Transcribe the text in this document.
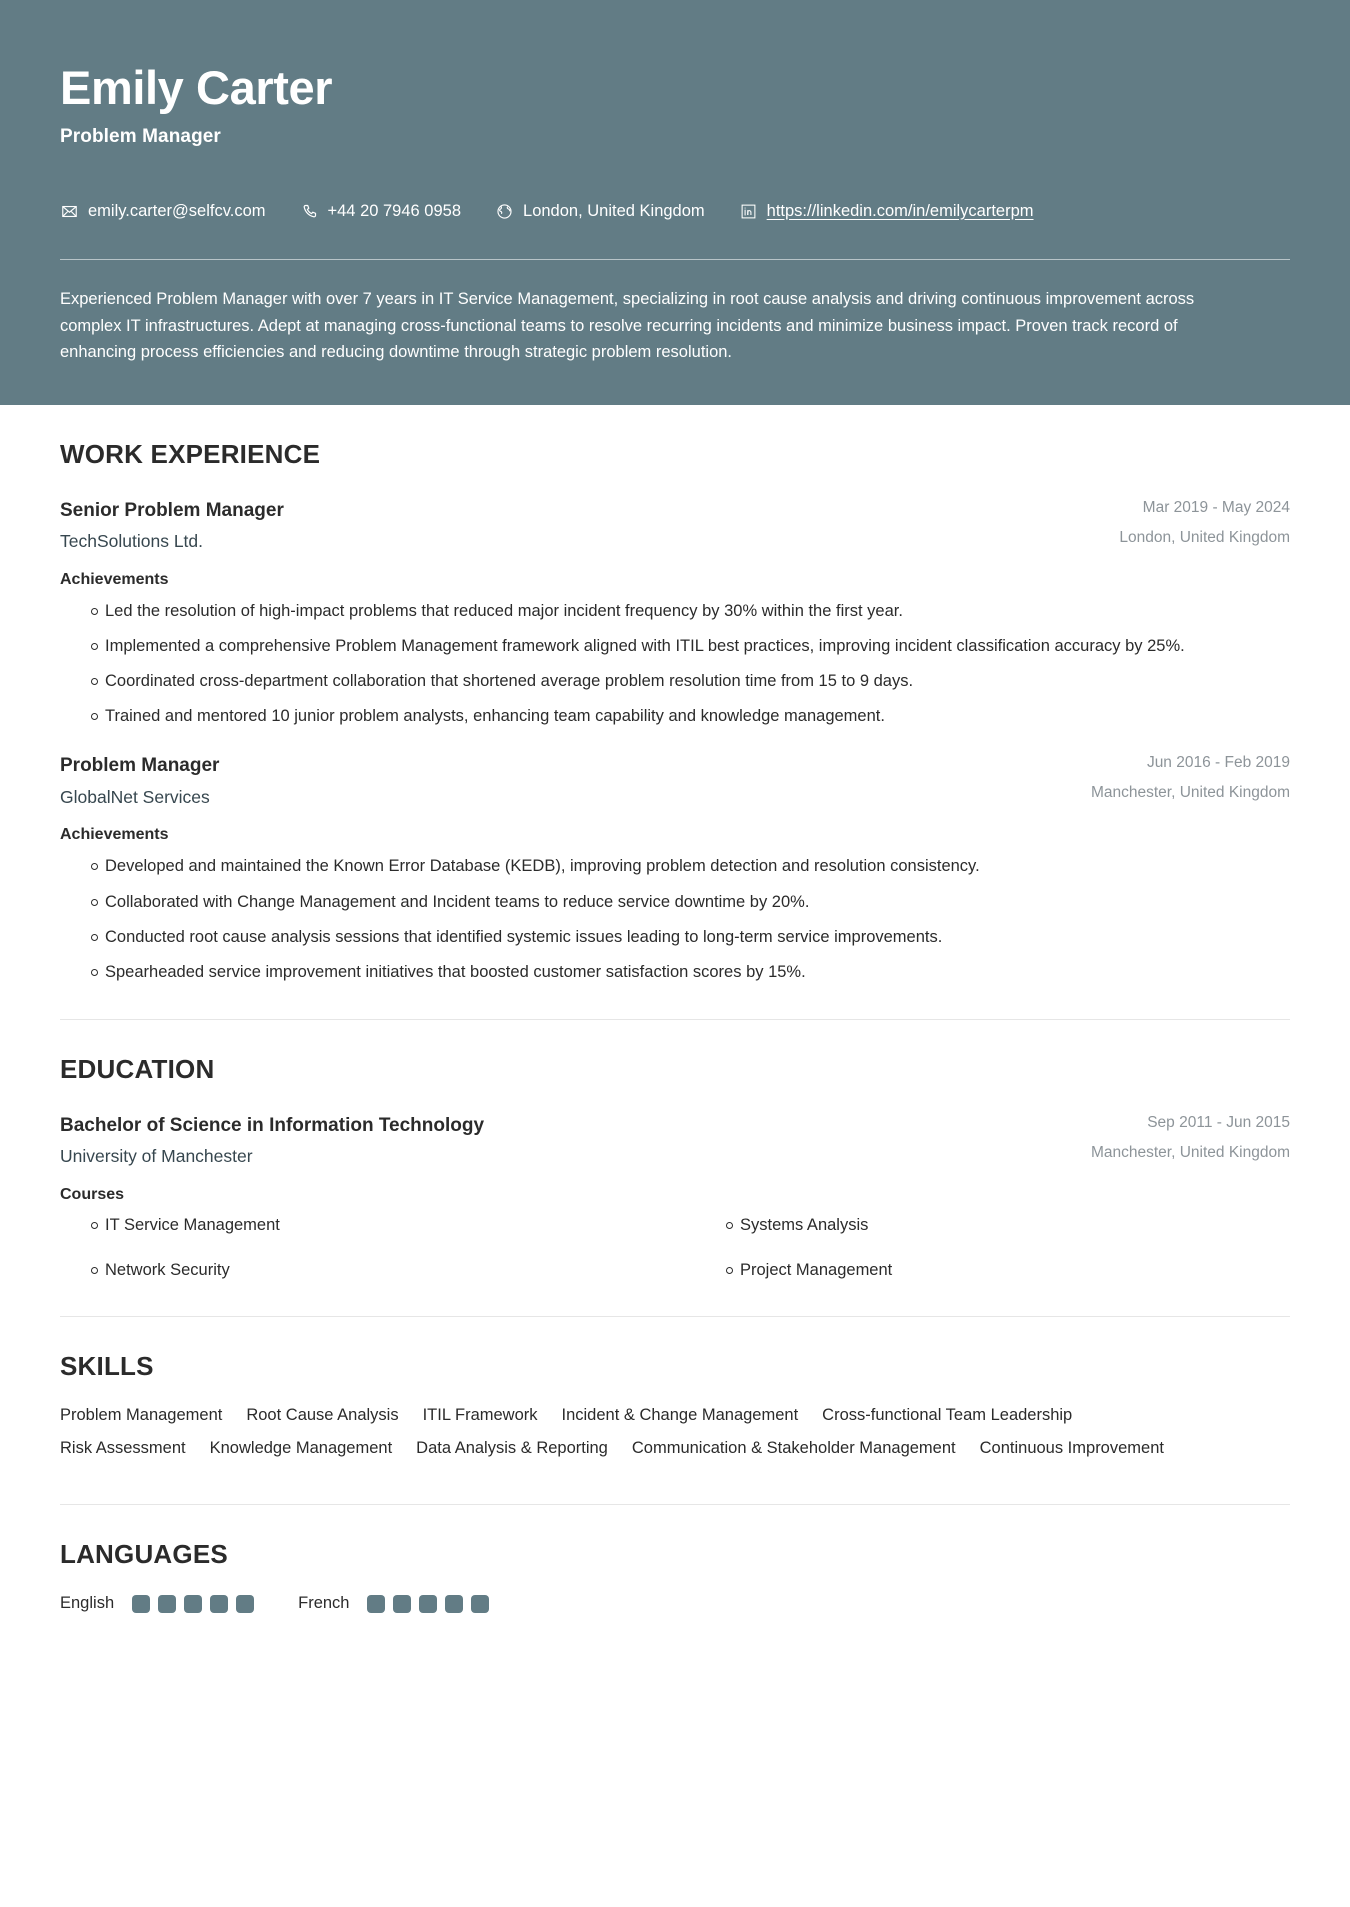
Emily Carter
Problem Manager
emily.carter@selfcv.com	+44 20 7946 0958	London, United Kingdom	https://linkedin.com/in/emilycarterpm

Experienced Problem Manager with over 7 years in IT Service Management, specializing in root cause analysis and driving continuous improvement across complex IT infrastructures. Adept at managing cross-functional teams to resolve recurring incidents and minimize business impact. Proven track record of enhancing process efficiencies and reducing downtime through strategic problem resolution.

WORK EXPERIENCE
Senior Problem Manager
TechSolutions Ltd.
Mar 2019 - May 2024
London, United Kingdom
Achievements
Led the resolution of high-impact problems that reduced major incident frequency by 30% within the first year.
Implemented a comprehensive Problem Management framework aligned with ITIL best practices, improving incident classification accuracy by 25%.
Coordinated cross-department collaboration that shortened average problem resolution time from 15 to 9 days.
Trained and mentored 10 junior problem analysts, enhancing team capability and knowledge management.
Problem Manager
GlobalNet Services
Jun 2016 - Feb 2019
Manchester, United Kingdom
Achievements
Developed and maintained the Known Error Database (KEDB), improving problem detection and resolution consistency.
Collaborated with Change Management and Incident teams to reduce service downtime by 20%.
Conducted root cause analysis sessions that identified systemic issues leading to long-term service improvements.
Spearheaded service improvement initiatives that boosted customer satisfaction scores by 15%.
EDUCATION
Bachelor of Science in Information Technology
University of Manchester
Sep 2011 - Jun 2015
Manchester, United Kingdom
Courses
IT Service Management	Systems Analysis
Network Security	Project Management
SKILLS
Problem Management Root Cause Analysis ITIL Framework Incident & Change Management Cross-functional Team Leadership
Risk Assessment Knowledge Management Data Analysis & Reporting Communication & Stakeholder Management Continuous Improvement
LANGUAGES
English	French
